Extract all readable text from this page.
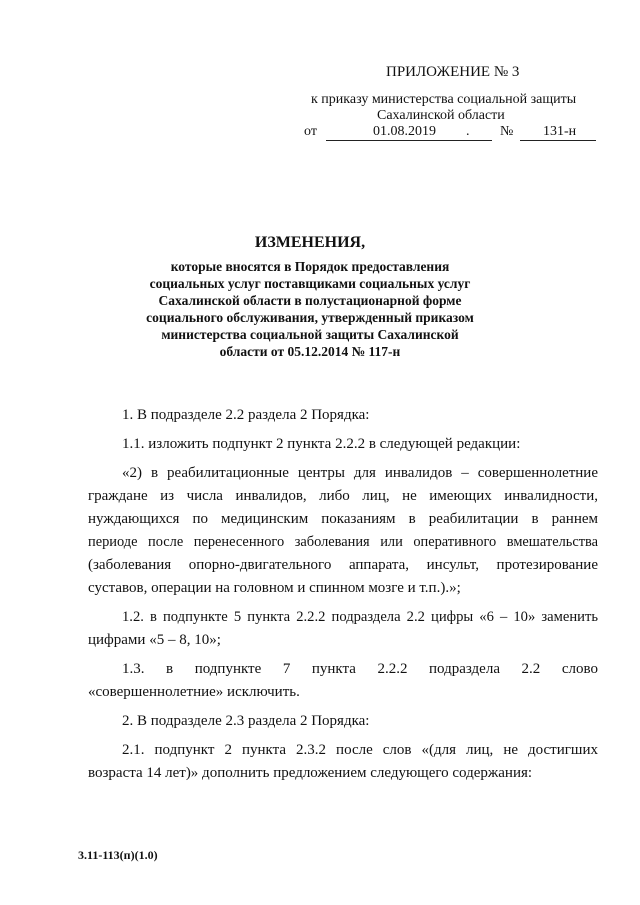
ПРИЛОЖЕНИЕ № 3
к приказу министерства социальной защиты
Сахалинской области
от	01.08.2019 . № 131-н
ИЗМЕНЕНИЯ,
которые вносятся в Порядок предоставления
социальных услуг поставщиками социальных услуг
Сахалинской области в полустационарной форме
социального обслуживания, утвержденный приказом
министерства социальной защиты Сахалинской
области от 05.12.2014 № 117-н

1. В подразделе 2.2 раздела 2 Порядка:

1.1. изложить подпункт 2 пункта 2.2.2 в следующей редакции:

«2) в реабилитационные центры для инвалидов – совершеннолетние
граждане из числа инвалидов, либо лиц, не имеющих инвалидности,
нуждающихся по медицинским показаниям в реабилитации в раннем
периоде после перенесенного заболевания или оперативного вмешательства
(заболевания опорно-двигательного аппарата, инсульт, протезирование
суставов, операции на головном и спинном мозге и т.п.).»;
1.2. в подпункте 5 пункта 2.2.2 подраздела 2.2 цифры «6 – 10» заменить
цифрами «5 – 8, 10»;
1.3. в подпункте 7 пункта 2.2.2 подраздела 2.2 слово
«совершеннолетние» исключить.

2. В подразделе 2.3 раздела 2 Порядка:

2.1. подпункт 2 пункта 2.3.2 после слов «(для лиц, не достигших
возраста 14 лет)» дополнить предложением следующего содержания:
3.11-113(п)(1.0)
